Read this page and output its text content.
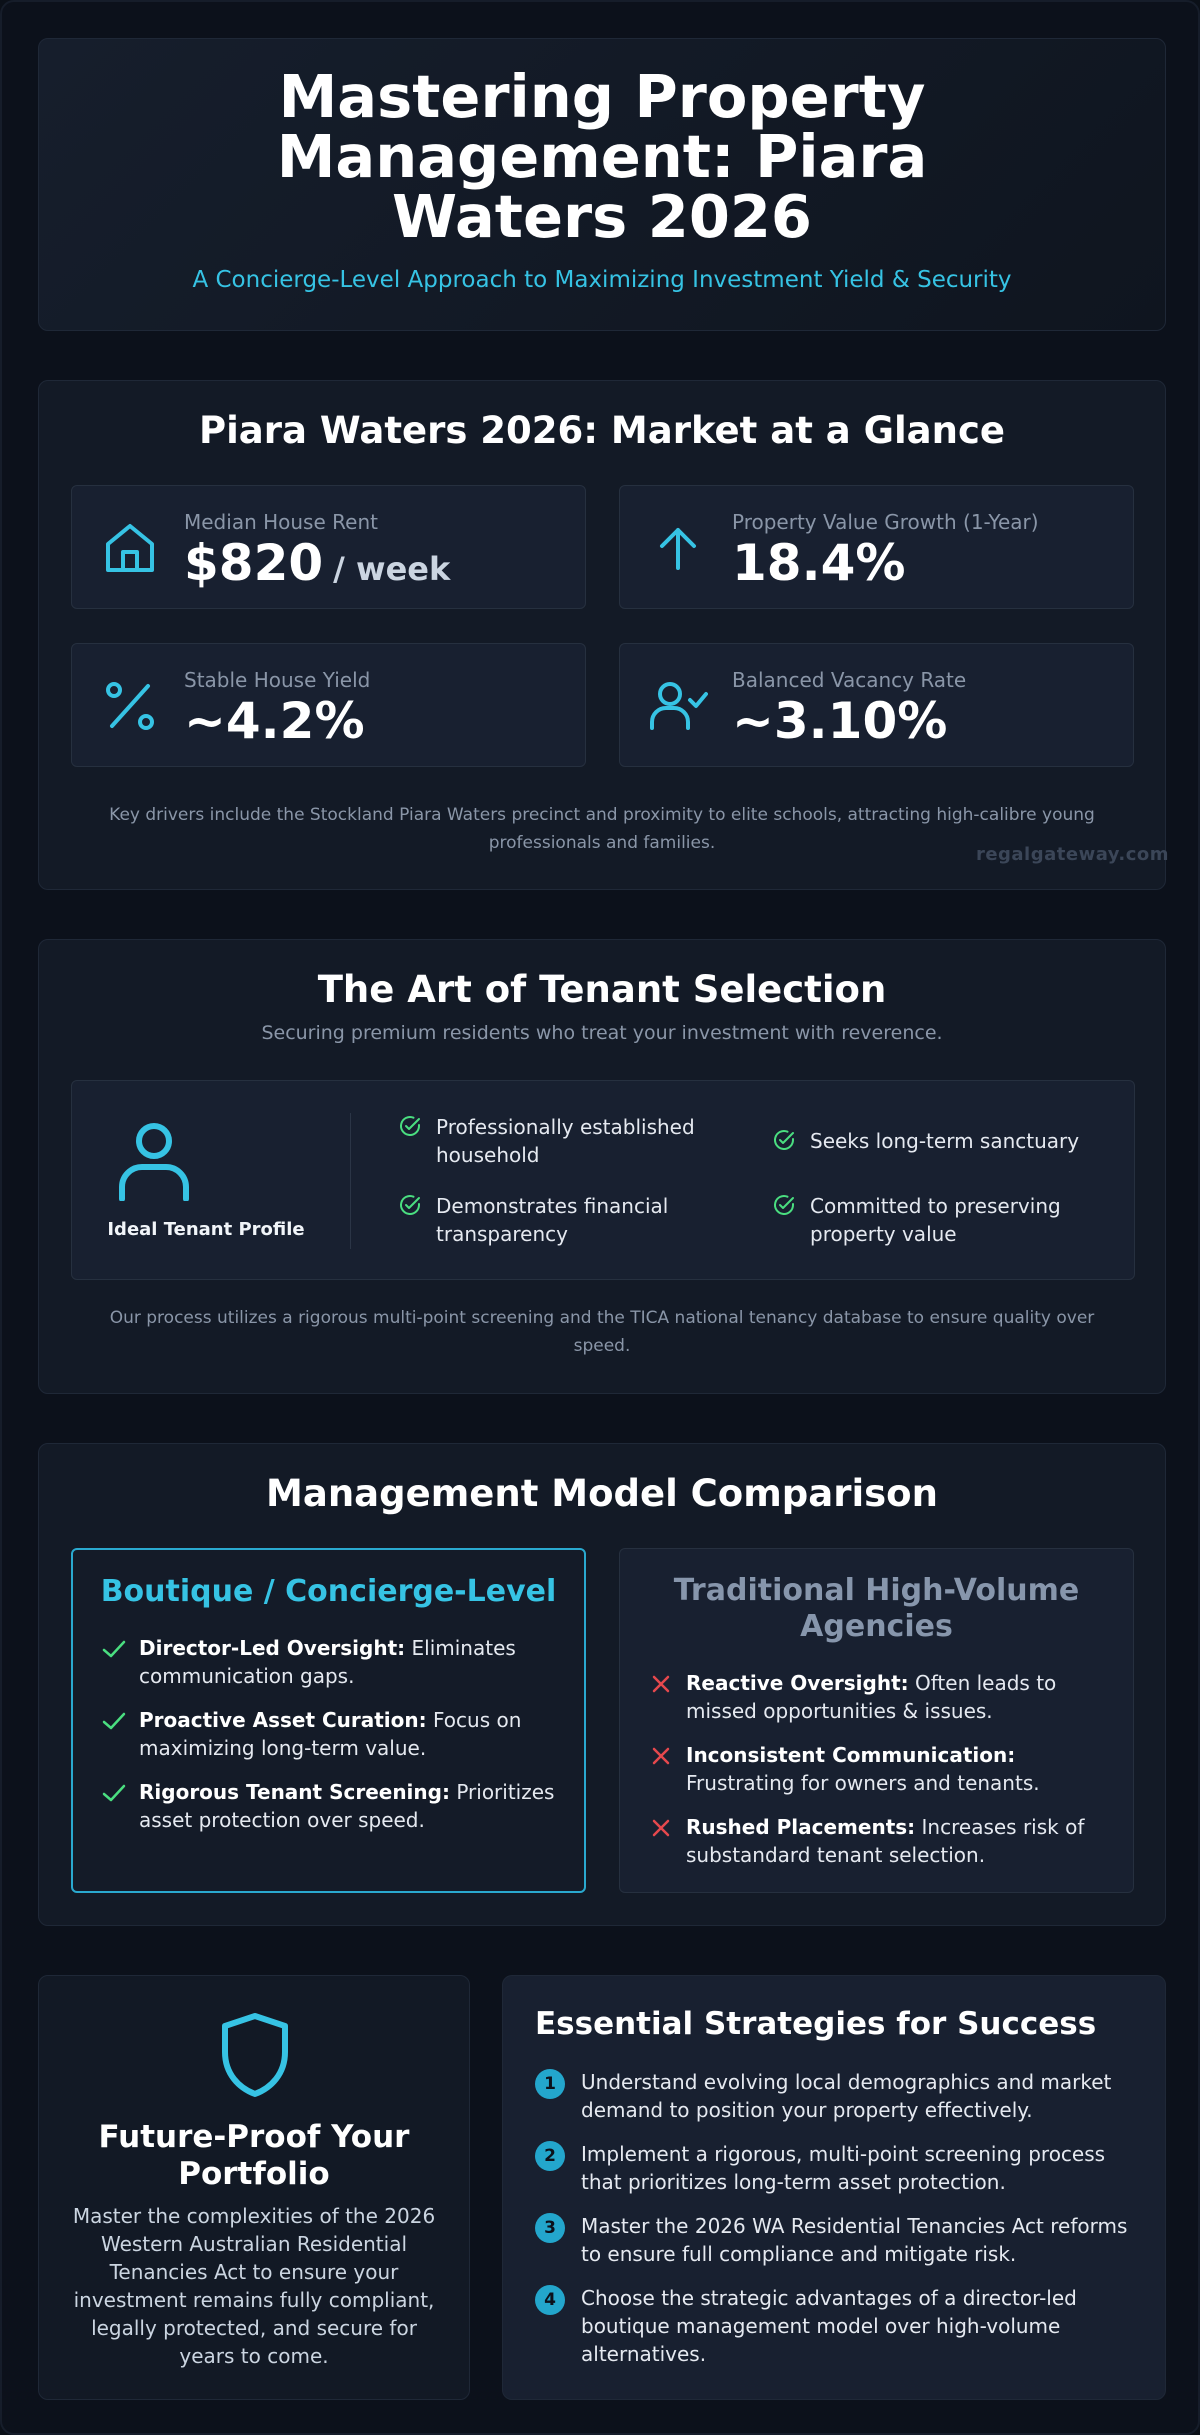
Mastering Property Management: Piara Waters 2026
A Concierge-Level Approach to Maximizing Investment Yield & Security
Piara Waters 2026: Market at a Glance
Median House Rent
$820 / week
Property Value Growth (1-Year)
18.4%
Stable House Yield
~4.2%
Balanced Vacancy Rate
~3.10%
Key drivers include the Stockland Piara Waters precinct and proximity to elite schools, attracting high-calibre young professionals and families.
regalgateway.com
The Art of Tenant Selection
Securing premium residents who treat your investment with reverence.
Ideal Tenant Profile
Professionally established household
Seeks long-term sanctuary
Demonstrates financial transparency
Committed to preserving property value
Our process utilizes a rigorous multi-point screening and the TICA national tenancy database to ensure quality over speed.
Management Model Comparison
Boutique / Concierge-Level
Director-Led Oversight: Eliminates communication gaps.
Proactive Asset Curation: Focus on maximizing long-term value.
Rigorous Tenant Screening: Prioritizes asset protection over speed.
Traditional High-Volume Agencies
Reactive Oversight: Often leads to missed opportunities & issues.
Inconsistent Communication: Frustrating for owners and tenants.
Rushed Placements: Increases risk of substandard tenant selection.
Future-Proof Your Portfolio
Master the complexities of the 2026 Western Australian Residential Tenancies Act to ensure your investment remains fully compliant, legally protected, and secure for years to come.
Essential Strategies for Success
1	Understand evolving local demographics and market demand to position your property effectively.
2	Implement a rigorous, multi-point screening process that prioritizes long-term asset protection.
3	Master the 2026 WA Residential Tenancies Act reforms to ensure full compliance and mitigate risk.
4	Choose the strategic advantages of a director-led boutique management model over high-volume alternatives.
